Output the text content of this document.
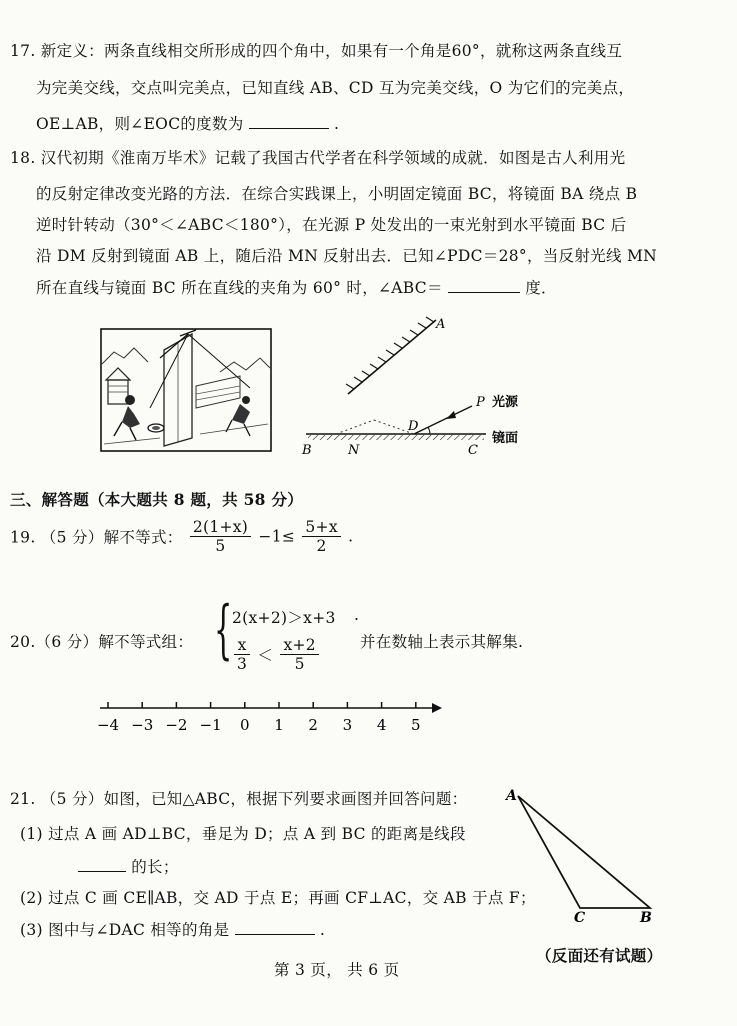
17. 新定义：两条直线相交所形成的四个角中，如果有一个角是60°，就称这两条直线互
为完美交线，交点叫完美点，已知直线 AB、CD 互为完美交线，O 为它们的完美点，
OE⊥AB，则∠EOC的度数为	.
18. 汉代初期《淮南万毕术》记载了我国古代学者在科学领域的成就．如图是古人利用光
的反射定律改变光路的方法．在综合实践课上，小明固定镜面 BC，将镜面 BA 绕点 B
逆时针转动（30°＜∠ABC＜180°），在光源 P 处发出的一束光射到水平镜面 BC 后
沿 DM 反射到镜面 AB 上，随后沿 MN 反射出去．已知∠PDC＝28°，当反射光线 MN
所在直线与镜面 BC 所在直线的夹角为 60° 时，∠ABC＝	度．
A
P 光源
D
镜面
B	N	C
三、解答题（本大题共 8 题，共 58 分）
19. （5 分）解不等式： $\frac{2(1+x)}{5} -1\le \frac{5+x}{2}$ .
20.（6 分）解不等式组： { 2(x+2)＞x+3 .
$\frac{x}{3} < \frac{x+2}{5}$	并在数轴上表示其解集.
−4 −3 −2 −1 0 1 2 3 4 5
21. （5 分）如图，已知△ABC，根据下列要求画图并回答问题：
(1) 过点 A 画 AD⊥BC，垂足为 D；点 A 到 BC 的距离是线段
的长；
(2) 过点 C 画 CE∥AB，交 AD 于点 E；再画 CF⊥AC，交 AB 于点 F；
(3) 图中与∠DAC 相等的角是	.
A
C	B
第 3 页， 共 6 页
（反面还有试题）
